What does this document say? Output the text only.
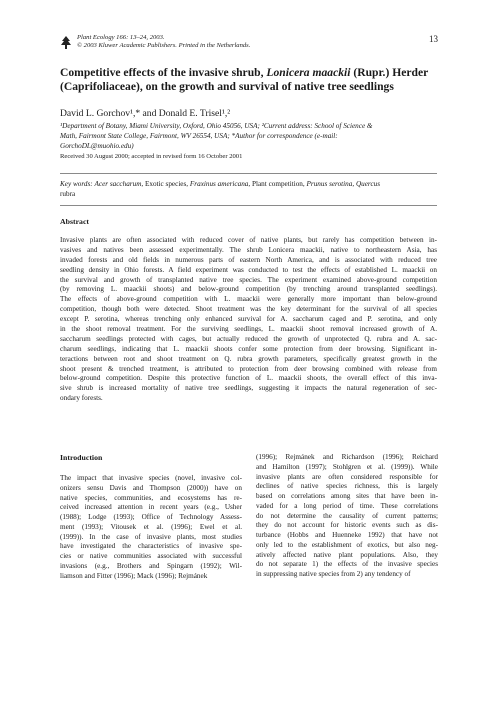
Plant Ecology 166: 13–24, 2003.
© 2003 Kluwer Academic Publishers. Printed in the Netherlands.
13
Competitive effects of the invasive shrub, Lonicera maackii (Rupr.) Herder
(Caprifoliaceae), on the growth and survival of native tree seedlings
David L. Gorchov¹,* and Donald E. Trisel¹,²
¹Department of Botany, Miami University, Oxford, Ohio 45056, USA; ²Current address: School of Science &
Math, Fairmont State College, Fairmont, WV 26554, USA; *Author for correspondence (e-mail:
GorchoDL@muohio.edu)
Received 30 August 2000; accepted in revised form 16 October 2001
Key words: Acer saccharum, Exotic species, Fraxinus americana, Plant competition, Prunus serotina, Quercus
rubra
Abstract
Invasive plants are often associated with reduced cover of native plants, but rarely has competition between in-
vasives and natives been assessed experimentally. The shrub Lonicera maackii, native to northeastern Asia, has
invaded forests and old fields in numerous parts of eastern North America, and is associated with reduced tree
seedling density in Ohio forests. A field experiment was conducted to test the effects of established L. maackii on
the survival and growth of transplanted native tree species. The experiment examined above-ground competition
(by removing L. maackii shoots) and below-ground competition (by trenching around transplanted seedlings).
The effects of above-ground competition with L. maackii were generally more important than below-ground
competition, though both were detected. Shoot treatment was the key determinant for the survival of all species
except P. serotina, whereas trenching only enhanced survival for A. saccharum caged and P. serotina, and only
in the shoot removal treatment. For the surviving seedlings, L. maackii shoot removal increased growth of A.
saccharum seedlings protected with cages, but actually reduced the growth of unprotected Q. rubra and A. sac-
charum seedlings, indicating that L. maackii shoots confer some protection from deer browsing. Significant in-
teractions between root and shoot treatment on Q. rubra growth parameters, specifically greatest growth in the
shoot present & trenched treatment, is attributed to protection from deer browsing combined with release from
below-ground competition. Despite this protective function of L. maackii shoots, the overall effect of this inva-
sive shrub is increased mortality of native tree seedlings, suggesting it impacts the natural regeneration of sec-
ondary forests.
Introduction
The impact that invasive species (novel, invasive col-
onizers sensu Davis and Thompson (2000)) have on
native species, communities, and ecosystems has re-
ceived increased attention in recent years (e.g., Usher
(1988); Lodge (1993); Office of Technology Assess-
ment (1993); Vitousek et al. (1996); Ewel et al.
(1999)). In the case of invasive plants, most studies
have investigated the characteristics of invasive spe-
cies or native communities associated with successful
invasions (e.g., Brothers and Spingarn (1992); Wil-
liamson and Fitter (1996); Mack (1996); Rejmánek
(1996); Rejmánek and Richardson (1996); Reichard
and Hamilton (1997); Stohlgren et al. (1999)). While
invasive plants are often considered responsible for
declines of native species richness, this is largely
based on correlations among sites that have been in-
vaded for a long period of time. These correlations
do not determine the causality of current patterns;
they do not account for historic events such as dis-
turbance (Hobbs and Huenneke 1992) that have not
only led to the establishment of exotics, but also neg-
atively affected native plant populations. Also, they
do not separate 1) the effects of the invasive species
in suppressing native species from 2) any tendency of
